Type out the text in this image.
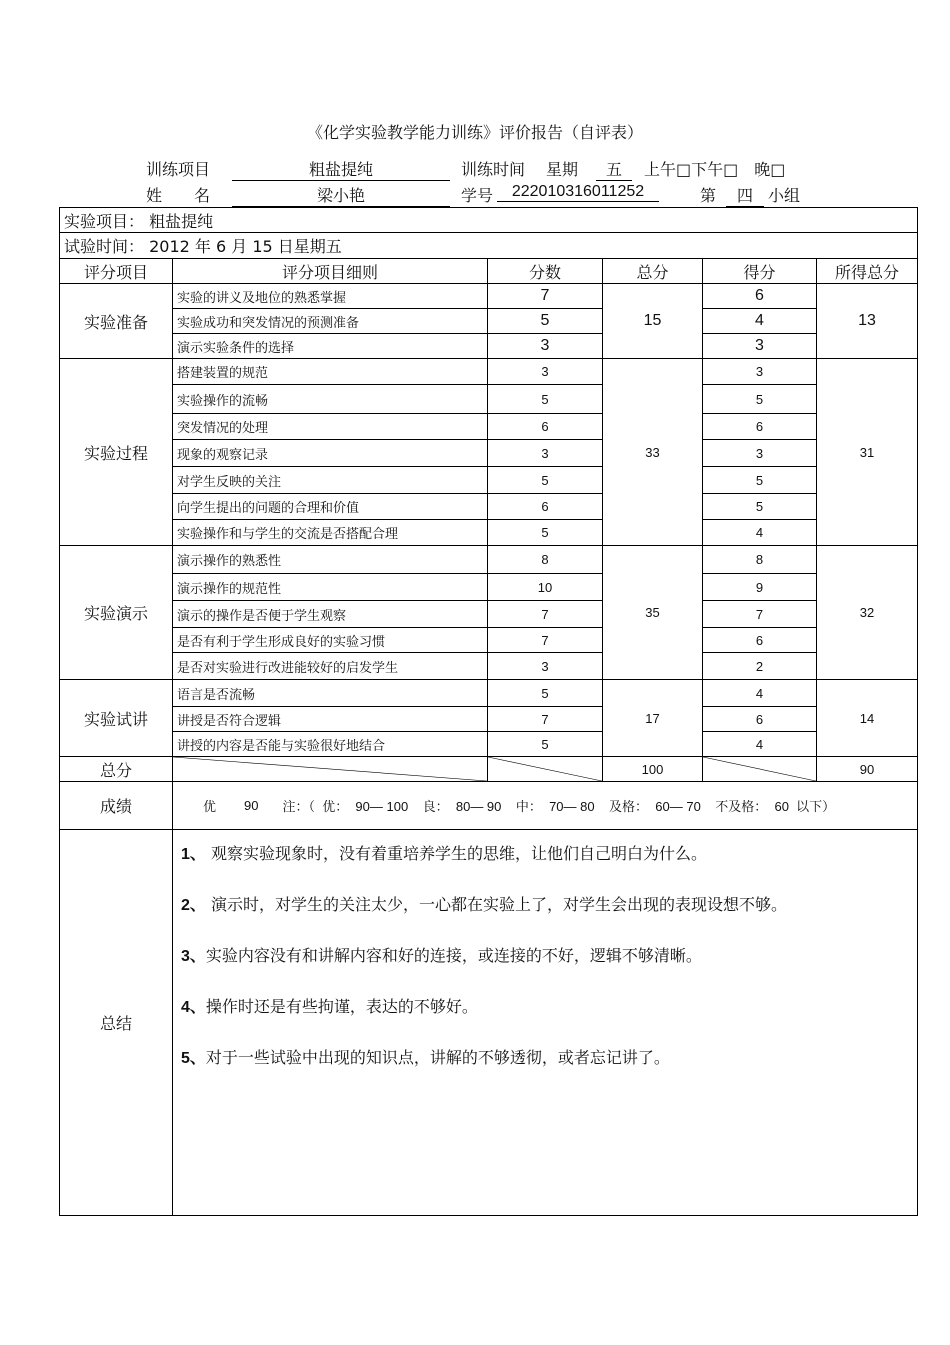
《化学实验教学能力训练》评价报告（自评表）
训练项目	粗盐提纯	训练时间 星期	五	上午□下午□　晚□
姓　　名	梁小艳	学号	222010316011252	第	四 小组
实验项目： 粗盐提纯					
试验时间： 2012 年 6 月 15 日星期五					
评分项目	评分项目细则	分数	总分	得分	所得总分
实验准备	实验的讲义及地位的熟悉掌握	7	15	6	13
	实验成功和突发情况的预测准备	5		4	
	演示实验条件的选择	3		3	
实验过程	搭建装置的规范	3	33	3	31
	实验操作的流畅	5		5	
	突发情况的处理	6		6	
	现象的观察记录	3		3	
	对学生反映的关注	5		5	
	向学生提出的问题的合理和价值	6		5	
	实验操作和与学生的交流是否搭配合理	5		4	
实验演示	演示操作的熟悉性	8	35	8	32
	演示操作的规范性	10		9	
	演示的操作是否便于学生观察	7		7	
	是否有利于学生形成良好的实验习惯	7		6	
	是否对实验进行改进能较好的启发学生	3		2	
实验试讲	语言是否流畅	5	17	4	14
	讲授是否符合逻辑	7		6	
	讲授的内容是否能与实验很好地结合	5		4	
总分			100		90
成绩	优 90 注：（  优：  90— 100    良：  80— 90    中：  70— 80    及格：  60— 70    不及格：  60  以下）				

总结	1、 观察实验现象时，没有着重培养学生的思维，让他们自己明白为什么。
2、 演示时，对学生的关注太少，一心都在实验上了，对学生会出现的表现设想不够。
3、实验内容没有和讲解内容和好的连接，或连接的不好，逻辑不够清晰。
4、操作时还是有些拘谨，表达的不够好。
5、对于一些试验中出现的知识点，讲解的不够透彻，或者忘记讲了。				
